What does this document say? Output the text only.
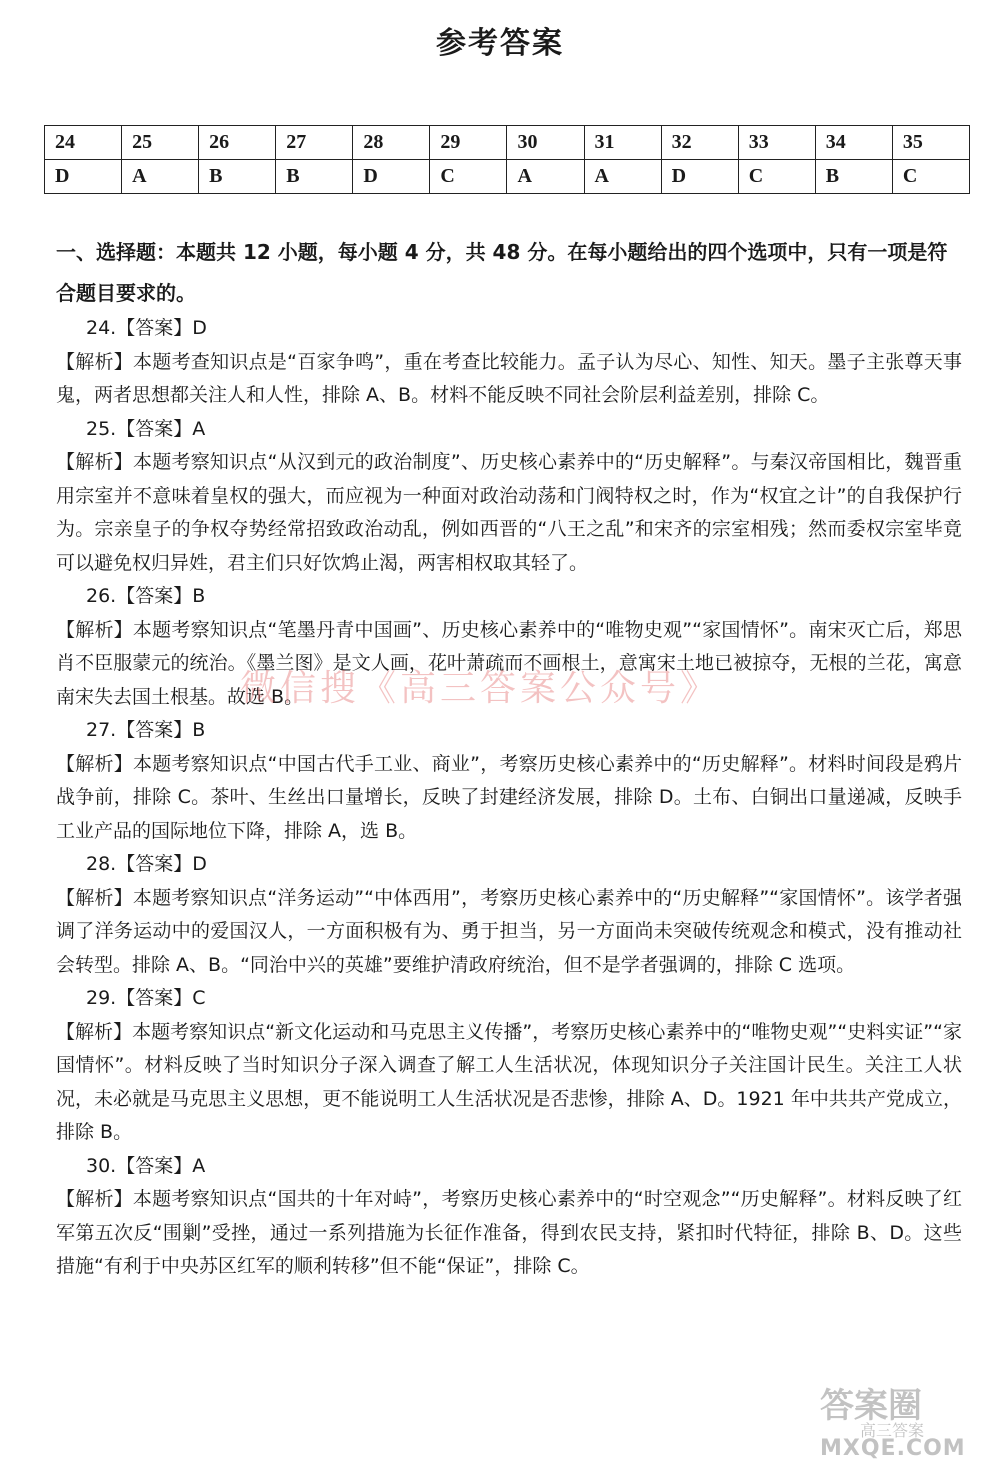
参考答案
24	25	26	27	28	29	30	31	32	33	34	35
D	A	B	B	D	C	A	A	D	C	B	C
一、选择题：本题共 12 小题，每小题 4 分，共 48 分。在每小题给出的四个选项中，只有一项是符合题目要求的。
24.【答案】D
【解析】本题考查知识点是“百家争鸣”，重在考查比较能力。孟子认为尽心、知性、知天。墨子主张尊天事鬼，两者思想都关注人和人性，排除 A、B。材料不能反映不同社会阶层利益差别，排除 C。
25.【答案】A
【解析】本题考察知识点“从汉到元的政治制度”、历史核心素养中的“历史解释”。与秦汉帝国相比，魏晋重用宗室并不意味着皇权的强大，而应视为一种面对政治动荡和门阀特权之时，作为“权宜之计”的自我保护行为。宗亲皇子的争权夺势经常招致政治动乱，例如西晋的“八王之乱”和宋齐的宗室相残；然而委权宗室毕竟可以避免权归异姓，君主们只好饮鸩止渴，两害相权取其轻了。
26.【答案】B
【解析】本题考察知识点“笔墨丹青中国画”、历史核心素养中的“唯物史观”“家国情怀”。南宋灭亡后，郑思肖不臣服蒙元的统治。《墨兰图》是文人画，花叶萧疏而不画根土，意寓宋土地已被掠夺，无根的兰花，寓意南宋失去国土根基。故选 B。
27.【答案】B
【解析】本题考察知识点“中国古代手工业、商业”，考察历史核心素养中的“历史解释”。材料时间段是鸦片战争前，排除 C。茶叶、生丝出口量增长，反映了封建经济发展，排除 D。土布、白铜出口量递减，反映手工业产品的国际地位下降，排除 A，选 B。
28.【答案】D
【解析】本题考察知识点“洋务运动”“中体西用”，考察历史核心素养中的“历史解释”“家国情怀”。该学者强调了洋务运动中的爱国汉人，一方面积极有为、勇于担当，另一方面尚未突破传统观念和模式，没有推动社会转型。排除 A、B。“同治中兴的英雄”要维护清政府统治，但不是学者强调的，排除 C 选项。
29.【答案】C
【解析】本题考察知识点“新文化运动和马克思主义传播”，考察历史核心素养中的“唯物史观”“史料实证”“家国情怀”。材料反映了当时知识分子深入调查了解工人生活状况，体现知识分子关注国计民生。关注工人状况，未必就是马克思主义思想，更不能说明工人生活状况是否悲惨，排除 A、D。1921 年中共共产党成立，排除 B。
30.【答案】A
【解析】本题考察知识点“国共的十年对峙”，考察历史核心素养中的“时空观念”“历史解释”。材料反映了红军第五次反“围剿”受挫，通过一系列措施为长征作准备，得到农民支持，紧扣时代特征，排除 B、D。这些措施“有利于中央苏区红军的顺利转移”但不能“保证”，排除 C。
微信搜《高三答案公众号》
答案圈
高三答案
MXQE.COM
